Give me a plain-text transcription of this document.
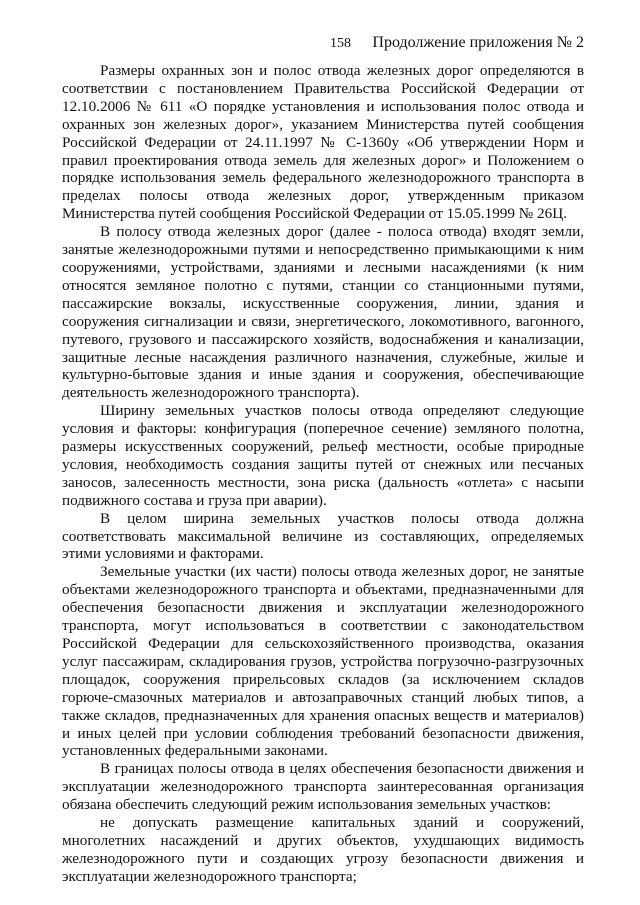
158 Продолжение приложения № 2

Размеры охранных зон и полос отвода железных дорог определяются в соответствии с постановлением Правительства Российской Федерации от 12.10.2006 № 611 «О порядке установления и использования полос отвода и охранных зон железных дорог», указанием Министерства путей сообщения Российской Федерации от 24.11.1997 № С-1360у «Об утверждении Норм и правил проектирования отвода земель для железных дорог» и Положением о порядке использования земель федерального железнодорожного транспорта в пределах полосы отвода железных дорог, утвержденным приказом Министерства путей сообщения Российской Федерации от 15.05.1999 № 26Ц.

В полосу отвода железных дорог (далее - полоса отвода) входят земли, занятые железнодорожными путями и непосредственно примыкающими к ним сооружениями, устройствами, зданиями и лесными насаждениями (к ним относятся земляное полотно с путями, станции со станционными путями, пассажирские вокзалы, искусственные сооружения, линии, здания и сооружения сигнализации и связи, энергетического, локомотивного, вагонного, путевого, грузового и пассажирского хозяйств, водоснабжения и канализации, защитные лесные насаждения различного назначения, служебные, жилые и культурно-бытовые здания и иные здания и сооружения, обеспечивающие деятельность железнодорожного транспорта).

Ширину земельных участков полосы отвода определяют следующие условия и факторы: конфигурация (поперечное сечение) земляного полотна, размеры искусственных сооружений, рельеф местности, особые природные условия, необходимость создания защиты путей от снежных или песчаных заносов, залесенность местности, зона риска (дальность «отлета» с насыпи подвижного состава и груза при аварии).

В целом ширина земельных участков полосы отвода должна соответствовать максимальной величине из составляющих, определяемых этими условиями и факторами.

Земельные участки (их части) полосы отвода железных дорог, не занятые объектами железнодорожного транспорта и объектами, предназначенными для обеспечения безопасности движения и эксплуатации железнодорожного транспорта, могут использоваться в соответствии с законодательством Российской Федерации для сельскохозяйственного производства, оказания услуг пассажирам, складирования грузов, устройства погрузочно-разгрузочных площадок, сооружения прирельсовых складов (за исключением складов горюче-смазочных материалов и автозаправочных станций любых типов, а также складов, предназначенных для хранения опасных веществ и материалов) и иных целей при условии соблюдения требований безопасности движения, установленных федеральными законами.

В границах полосы отвода в целях обеспечения безопасности движения и эксплуатации железнодорожного транспорта заинтересованная организация обязана обеспечить следующий режим использования земельных участков:

не допускать размещение капитальных зданий и сооружений, многолетних насаждений и других объектов, ухудшающих видимость железнодорожного пути и создающих угрозу безопасности движения и эксплуатации железнодорожного транспорта;
